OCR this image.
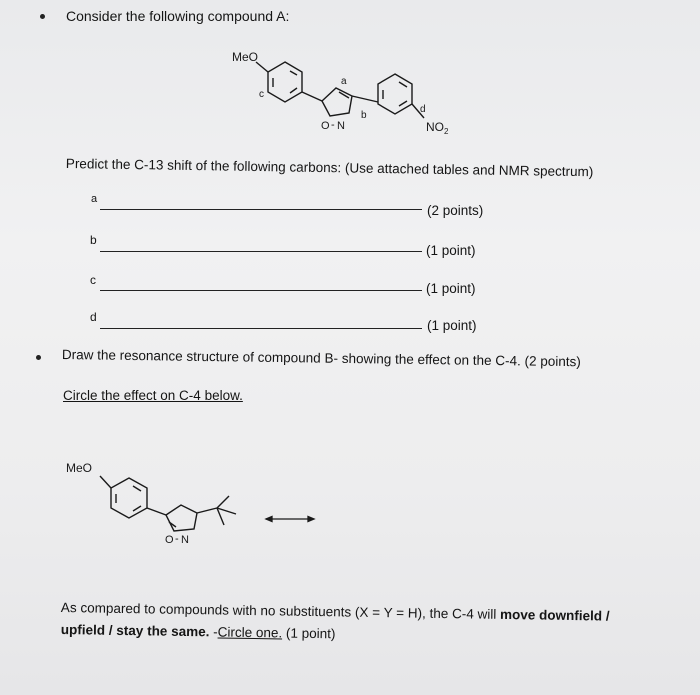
Consider the following compound A:
MeO
c
a
b
d
O - N	$NO_2$
Predict the C-13 shift of the following carbons: (Use attached tables and NMR spectrum)
a
(2 points)
b
(1 point)
c
(1 point)
d
(1 point)
Draw the resonance structure of compound B- showing the effect on the C-4. (2 points)
Circle the effect on C-4 below.
MeO
O - N
As compared to compounds with no substituents (X = Y = H), the C-4 will move downfield /
upfield / stay the same. -Circle one. (1 point)
